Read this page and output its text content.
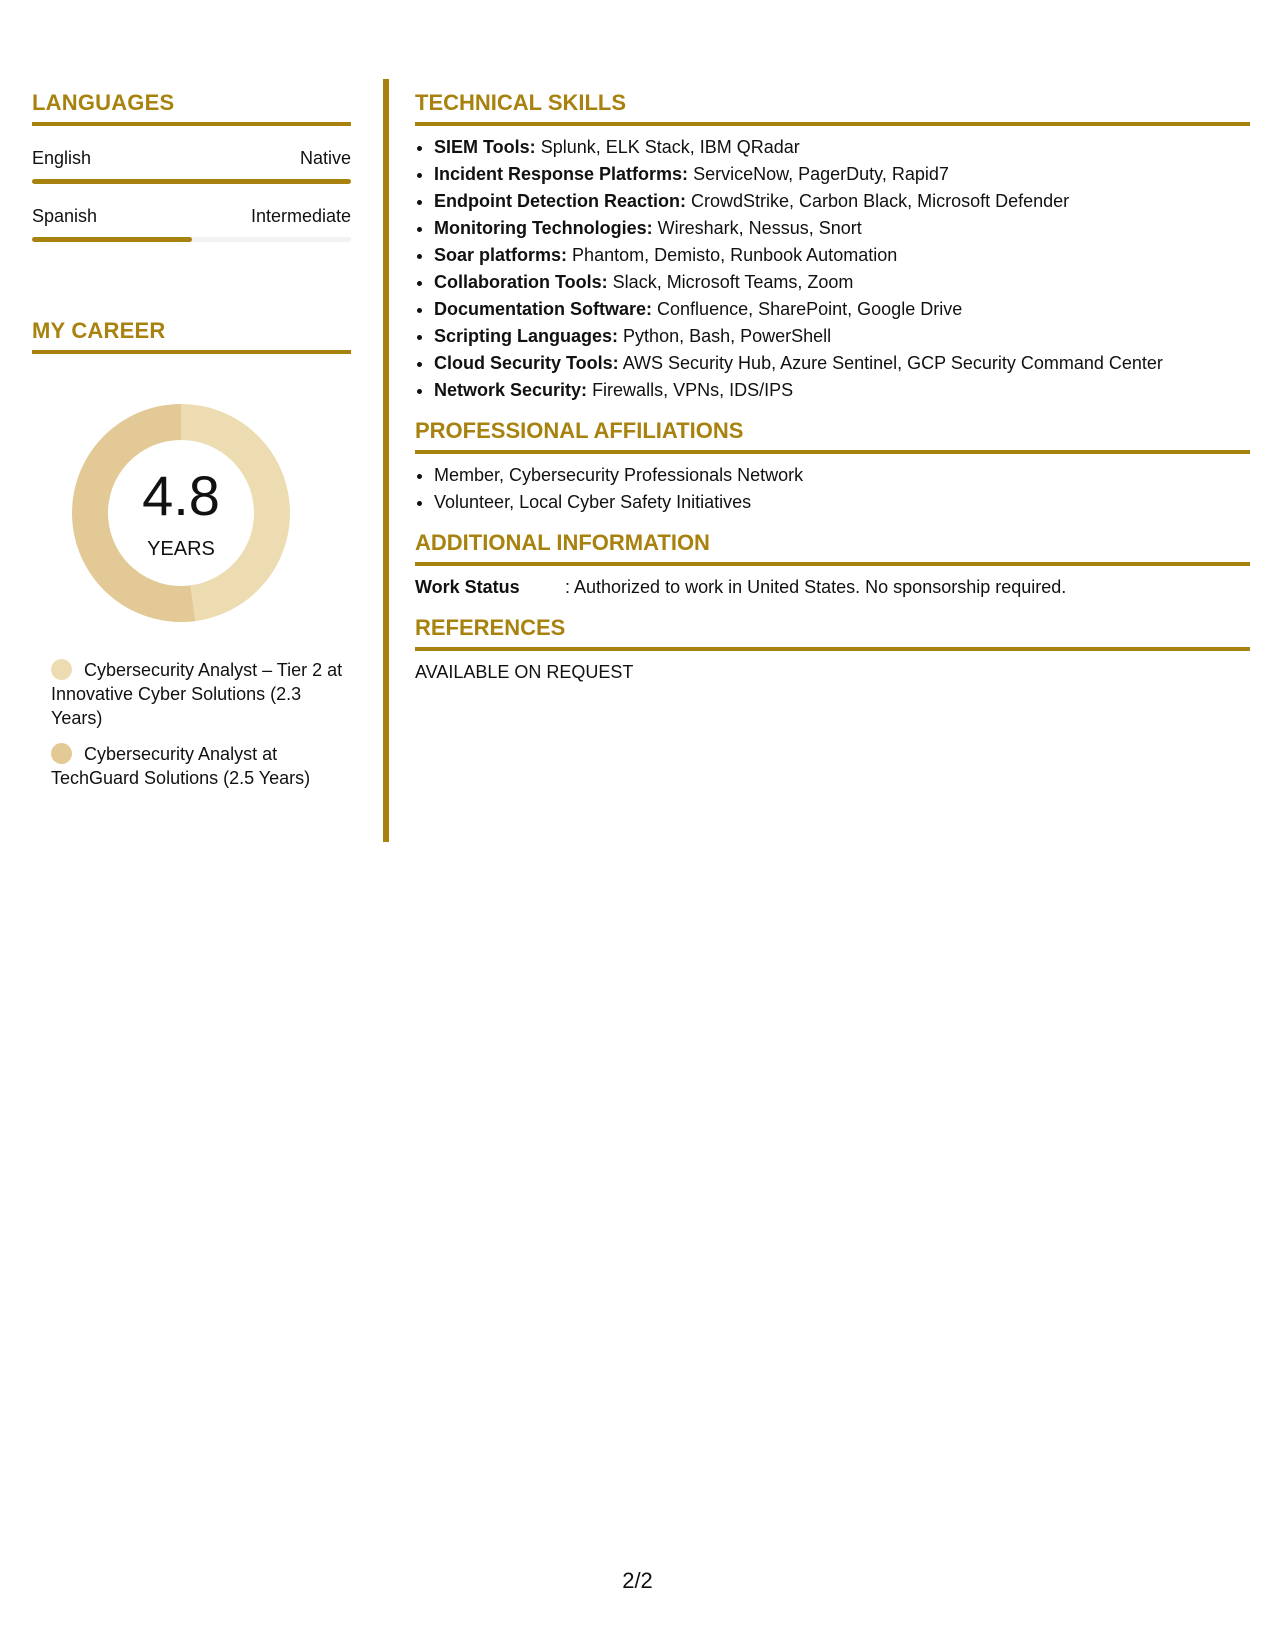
LANGUAGES
English	Native
Spanish	Intermediate
MY CAREER
4.8
YEARS
Cybersecurity Analyst – Tier 2 at Innovative Cyber Solutions (2.3 Years)
Cybersecurity Analyst at TechGuard Solutions (2.5 Years)
TECHNICAL SKILLS
• SIEM Tools: Splunk, ELK Stack, IBM QRadar
• Incident Response Platforms: ServiceNow, PagerDuty, Rapid7
• Endpoint Detection Reaction: CrowdStrike, Carbon Black, Microsoft Defender
• Monitoring Technologies: Wireshark, Nessus, Snort
• Soar platforms: Phantom, Demisto, Runbook Automation
• Collaboration Tools: Slack, Microsoft Teams, Zoom
• Documentation Software: Confluence, SharePoint, Google Drive
• Scripting Languages: Python, Bash, PowerShell
• Cloud Security Tools: AWS Security Hub, Azure Sentinel, GCP Security Command Center
• Network Security: Firewalls, VPNs, IDS/IPS
PROFESSIONAL AFFILIATIONS
• Member, Cybersecurity Professionals Network
• Volunteer, Local Cyber Safety Initiatives
ADDITIONAL INFORMATION
Work Status	: Authorized to work in United States. No sponsorship required.
REFERENCES
AVAILABLE ON REQUEST
2/2
